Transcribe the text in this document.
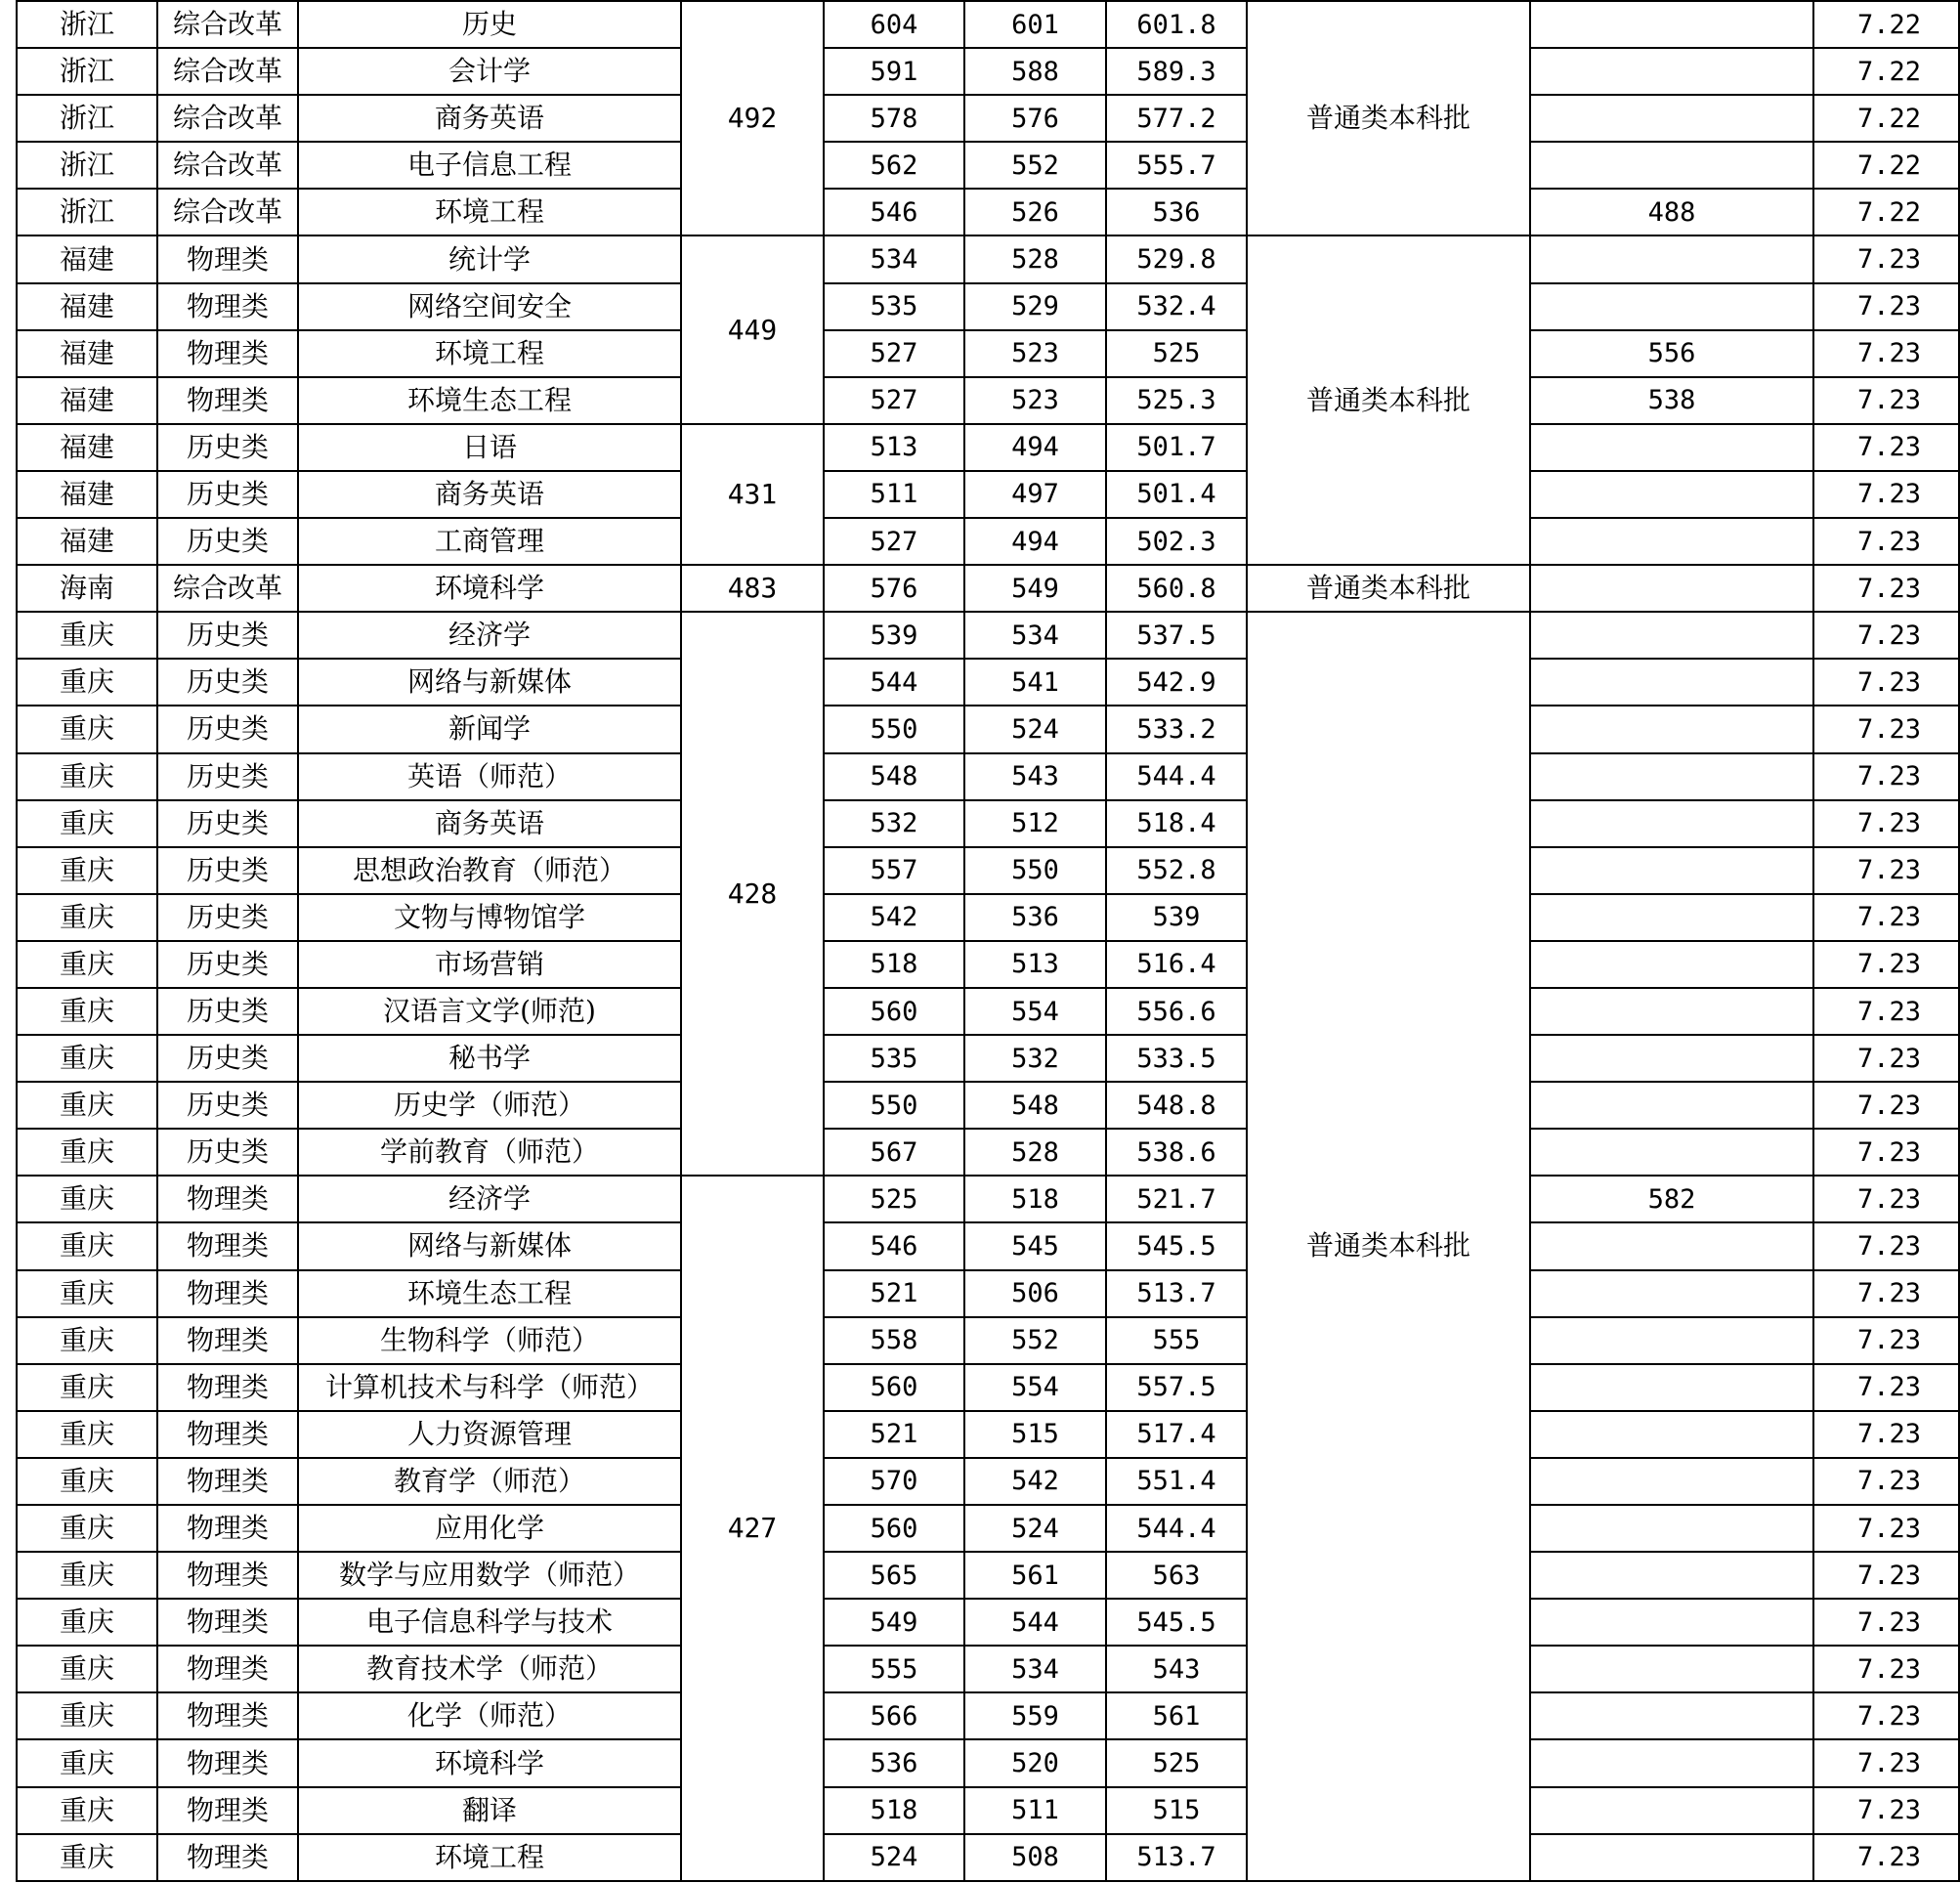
浙江	综合改革	历史	492	604	601	601.8	普通类本科批		7.22
浙江	综合改革	会计学		591	588	589.3			7.22
浙江	综合改革	商务英语		578	576	577.2			7.22
浙江	综合改革	电子信息工程		562	552	555.7			7.22
浙江	综合改革	环境工程		546	526	536		488	7.22
福建	物理类	统计学	449	534	528	529.8	普通类本科批		7.23
福建	物理类	网络空间安全		535	529	532.4			7.23
福建	物理类	环境工程		527	523	525		556	7.23
福建	物理类	环境生态工程		527	523	525.3		538	7.23
福建	历史类	日语	431	513	494	501.7			7.23
福建	历史类	商务英语		511	497	501.4			7.23
福建	历史类	工商管理		527	494	502.3			7.23
海南	综合改革	环境科学	483	576	549	560.8	普通类本科批		7.23
重庆	历史类	经济学	428	539	534	537.5	普通类本科批		7.23
重庆	历史类	网络与新媒体		544	541	542.9			7.23
重庆	历史类	新闻学		550	524	533.2			7.23
重庆	历史类	英语（师范）		548	543	544.4			7.23
重庆	历史类	商务英语		532	512	518.4			7.23
重庆	历史类	思想政治教育（师范）		557	550	552.8			7.23
重庆	历史类	文物与博物馆学		542	536	539			7.23
重庆	历史类	市场营销		518	513	516.4			7.23
重庆	历史类	汉语言文学(师范)		560	554	556.6			7.23
重庆	历史类	秘书学		535	532	533.5			7.23
重庆	历史类	历史学（师范）		550	548	548.8			7.23
重庆	历史类	学前教育（师范）		567	528	538.6			7.23
重庆	物理类	经济学	427	525	518	521.7		582	7.23
重庆	物理类	网络与新媒体		546	545	545.5			7.23
重庆	物理类	环境生态工程		521	506	513.7			7.23
重庆	物理类	生物科学（师范）		558	552	555			7.23
重庆	物理类	计算机技术与科学（师范）		560	554	557.5			7.23
重庆	物理类	人力资源管理		521	515	517.4			7.23
重庆	物理类	教育学（师范）		570	542	551.4			7.23
重庆	物理类	应用化学		560	524	544.4			7.23
重庆	物理类	数学与应用数学（师范）		565	561	563			7.23
重庆	物理类	电子信息科学与技术		549	544	545.5			7.23
重庆	物理类	教育技术学（师范）		555	534	543			7.23
重庆	物理类	化学（师范）		566	559	561			7.23
重庆	物理类	环境科学		536	520	525			7.23
重庆	物理类	翻译		518	511	515			7.23
重庆	物理类	环境工程		524	508	513.7			7.23
